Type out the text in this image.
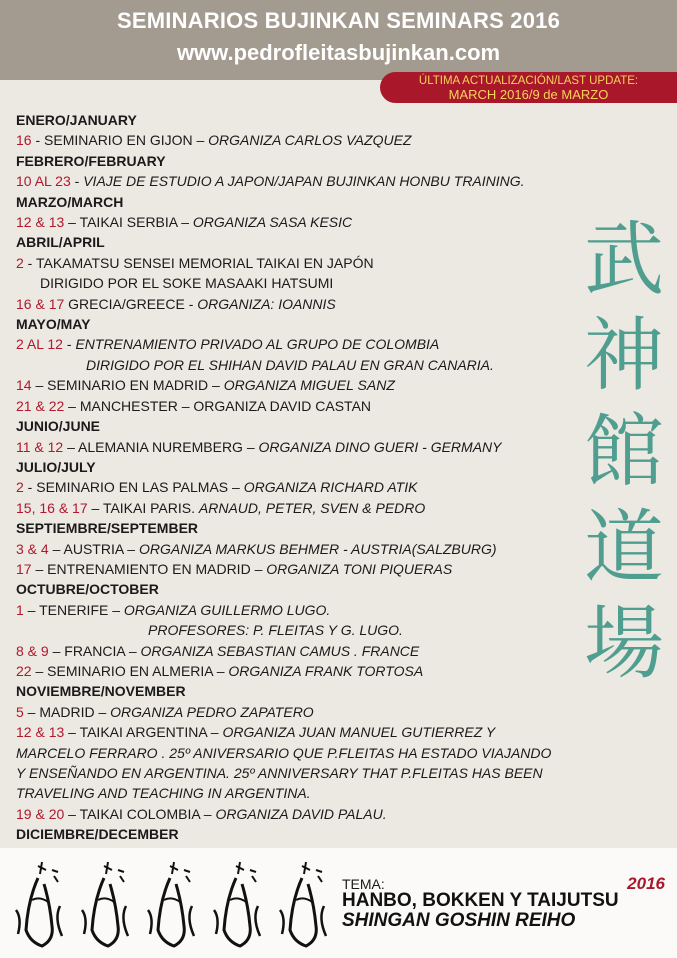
SEMINARIOS BUJINKAN SEMINARS 2016
www.pedrofleitasbujinkan.com
ÚLTIMA ACTUALIZACIÓN/LAST UPDATE:
MARCH 2016/9 de MARZO
ENERO/JANUARY
16 - SEMINARIO EN GIJON – ORGANIZA CARLOS VAZQUEZ
FEBRERO/FEBRUARY
10 AL 23 - VIAJE DE ESTUDIO A JAPON/JAPAN BUJINKAN HONBU TRAINING.
MARZO/MARCH
12 & 13 – TAIKAI SERBIA – ORGANIZA SASA KESIC
ABRIL/APRIL
2 - TAKAMATSU SENSEI MEMORIAL TAIKAI EN JAPÓN
DIRIGIDO POR EL SOKE MASAAKI HATSUMI
16 & 17 GRECIA/GREECE - ORGANIZA: IOANNIS
MAYO/MAY
2 AL 12 - ENTRENAMIENTO PRIVADO AL GRUPO DE COLOMBIA
DIRIGIDO POR EL SHIHAN DAVID PALAU EN GRAN CANARIA.
14 – SEMINARIO EN MADRID – ORGANIZA MIGUEL SANZ
21 & 22 – MANCHESTER – ORGANIZA DAVID CASTAN
JUNIO/JUNE
11 & 12 – ALEMANIA NUREMBERG – ORGANIZA DINO GUERI - GERMANY
JULIO/JULY
2 - SEMINARIO EN LAS PALMAS – ORGANIZA RICHARD ATIK
15, 16 & 17 – TAIKAI PARIS. ARNAUD, PETER, SVEN & PEDRO
SEPTIEMBRE/SEPTEMBER
3 & 4 – AUSTRIA – ORGANIZA MARKUS BEHMER - AUSTRIA(SALZBURG)
17 – ENTRENAMIENTO EN MADRID – ORGANIZA TONI PIQUERAS
OCTUBRE/OCTOBER
1 – TENERIFE – ORGANIZA GUILLERMO LUGO.
PROFESORES: P. FLEITAS Y G. LUGO.
8 & 9 – FRANCIA – ORGANIZA SEBASTIAN CAMUS . FRANCE
22 – SEMINARIO EN ALMERIA – ORGANIZA FRANK TORTOSA
NOVIEMBRE/NOVEMBER
5 – MADRID – ORGANIZA PEDRO ZAPATERO
12 & 13 – TAIKAI ARGENTINA – ORGANIZA JUAN MANUEL GUTIERREZ Y
MARCELO FERRARO . 25º ANIVERSARIO QUE P.FLEITAS HA ESTADO VIAJANDO
Y ENSEÑANDO EN ARGENTINA. 25º ANNIVERSARY THAT P.FLEITAS HAS BEEN
TRAVELING AND TEACHING IN ARGENTINA.
19 & 20 – TAIKAI COLOMBIA – ORGANIZA DAVID PALAU.
DICIEMBRE/DECEMBER
武
神
館
道
場
TEMA:	2016
HANBO, BOKKEN Y TAIJUTSU
SHINGAN GOSHIN REIHO
